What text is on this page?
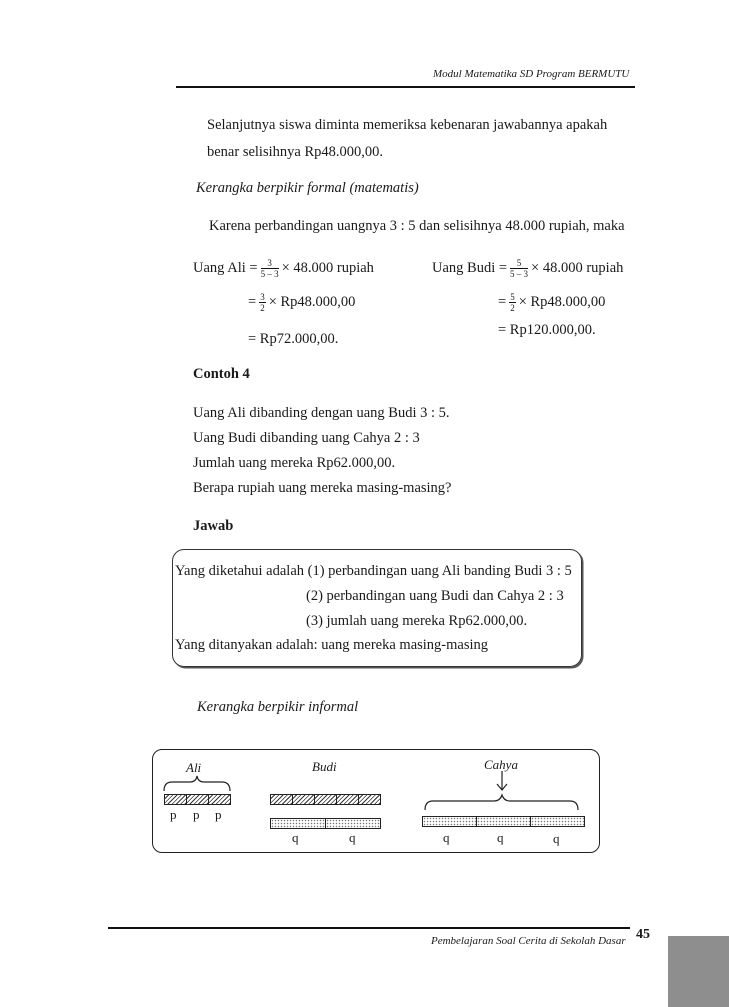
Modul Matematika SD Program BERMUTU
Selanjutnya siswa diminta memeriksa kebenaran jawabannya apakah
benar selisihnya Rp48.000,00.
Kerangka berpikir formal (matematis)
Karena perbandingan uangnya 3 : 5 dan selisihnya 48.000 rupiah, maka
Uang Ali = $\frac{3}{5 - 3} \times 48.000$ rupiah	Uang Budi = $\frac{5}{5 - 3} \times 48.000$ rupiah
= $\frac{3}{2} \times Rp48.000,00$	= $\frac{5}{2} \times Rp48.000,00$
= Rp72.000,00.
= Rp120.000,00.
Contoh 4
Uang Ali dibanding dengan uang Budi 3 : 5.
Uang Budi dibanding uang Cahya 2 : 3
Jumlah uang mereka Rp62.000,00.
Berapa rupiah uang mereka masing-masing?
Jawab
Yang diketahui adalah (1) perbandingan uang Ali banding Budi 3 : 5
(2) perbandingan uang Budi dan Cahya 2 : 3
(3) jumlah uang mereka Rp62.000,00.
Yang ditanyakan adalah: uang mereka masing-masing
Kerangka berpikir informal
Ali	Budi	Cahya
p p p
q	q	q	q	q
Pembelajaran Soal Cerita di Sekolah Dasar 45
